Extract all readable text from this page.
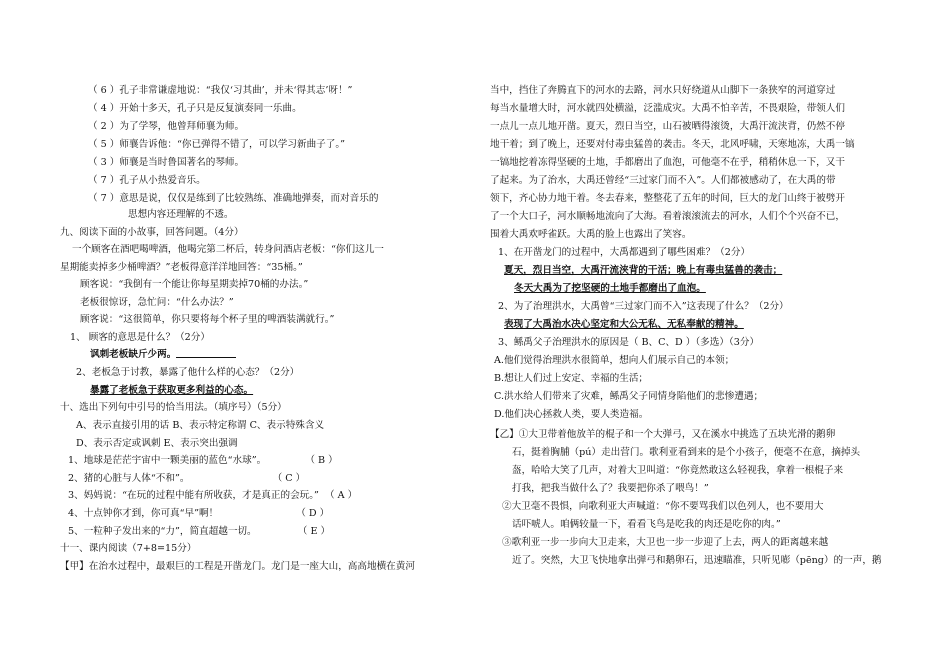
（ 6 ）孔子非常谦虚地说：“我仅‘习其曲’，并未‘得其志’呀！”
（ 4 ）开始十多天，孔子只是反复演奏同一乐曲。
（ 2 ）为了学琴，他曾拜师襄为师。
（ 5 ）师襄告诉他：“你已弹得不错了，可以学习新曲子了。”
（ 3 ）师襄是当时鲁国著名的琴师。
（ 7 ）孔子从小热爱音乐。
（ 7 ）意思是说，仅仅是练到了比较熟练、准确地弹奏，而对音乐的
思想内容还理解的不透。
九、阅读下面的小故事，回答问题。（4分）
一个顾客在酒吧喝啤酒，他喝完第二杯后，转身问酒店老板：“你们这儿一
星期能卖掉多少桶啤酒？”老板得意洋洋地回答：“35桶。”
顾客说：“我倒有一个能让你每星期卖掉70桶的办法。”
老板很惊讶，急忙问：“什么办法？”
顾客说：“这很简单，你只要将每个杯子里的啤酒装满就行。”
1、 顾客的意思是什么？（2分）
讽刺老板缺斤少两。
2、老板急于讨教，暴露了他什么样的心态？（2分）
暴露了老板急于获取更多利益的心态。
十、选出下列句中引号的恰当用法。（填序号）（5分）
A、表示直接引用的话 B、表示特定称谓 C、表示特殊含义
D、表示否定或讽刺 E、表示突出强调
1、地球是茫茫宇宙中一颗美丽的蓝色“水球”。	（ B ）
2、猪的心脏与人体“不和”。	（ C ）
3、妈妈说：“在玩的过程中能有所收获，才是真正的会玩。” （ A ）
4、十点钟你才到，你可真“早”啊！	（ D ）
5、一粒种子发出来的“力”，简直超越一切。	（ E ）
十一、课内阅读（7+8=15分）
【甲】在治水过程中，最艰巨的工程是开凿龙门。龙门是一座大山，高高地横在黄河
当中，挡住了奔腾直下的河水的去路，河水只好绕道从山脚下一条狭窄的河道穿过
每当水量增大时，河水就四处横溢，泛滥成灾。大禹不怕辛苦，不畏艰险，带领人们
一点儿一点儿地开凿。夏天，烈日当空，山石被晒得滚烫，大禹汗流浃背，仍然不停
地干着；到了晚上，还要对付毒虫猛兽的袭击。冬天，北风呼啸，天寒地冻，大禹一镐
一镐地挖着冻得坚硬的土地，手都磨出了血泡，可他毫不在乎，稍稍休息一下，又干
了起来。为了治水，大禹还曾经“三过家门而不入”。人们都被感动了，在大禹的带
领下，齐心协力地干着。冬去春来，整整花了五年的时间，巨大的龙门山终于被劈开
了一个大口子，河水顺畅地流向了大海。看着滚滚流去的河水，人们个个兴奋不已，
围着大禹欢呼雀跃。大禹的脸上也露出了笑容。
1、在开凿龙门的过程中，大禹都遇到了哪些困难？（2分）
夏天，烈日当空，大禹汗流浃背的干活；晚上有毒虫猛兽的袭击；
冬天大禹为了挖坚硬的土地手都磨出了血泡。
2、为了治理洪水，大禹曾“三过家门而不入”这表现了什么？（2分）
表现了大禹治水决心坚定和大公无私、无私奉献的精神。
3、鲧禹父子治理洪水的原因是（ B、C、D ）（多选）（3分）
A.他们觉得治理洪水很简单，想向人们展示自己的本领；
B.想让人们过上安定、幸福的生活；
C.洪水给人们带来了灾难，鲧禹父子同情身陷他们的悲惨遭遇；
D.他们决心拯救人类，要人类造福。
【乙】①大卫带着他放羊的棍子和一个大弹弓，又在溪水中挑选了五块光滑的鹅卵
石，挺着胸脯（pú）走出营门。歌利亚看到来的是个小孩子，便毫不在意，摘掉头
盔，哈哈大笑了几声，对着大卫叫道：“你竟然敢这么轻视我，拿着一根棍子来
打我，把我当做什么了？我要把你杀了喂鸟！”
②大卫毫不畏惧，向歌利亚大声喊道：“你不要骂我们以色列人，也不要用大
话吓唬人。咱俩较量一下，看看飞鸟是吃我的肉还是吃你的肉。”
③歌利亚一步一步向大卫走来，大卫也一步一步迎了上去，两人的距离越来越
近了。突然，大卫飞快地拿出弹弓和鹅卵石，迅速瞄准，只听见嘭（pēng）的一声，鹅
